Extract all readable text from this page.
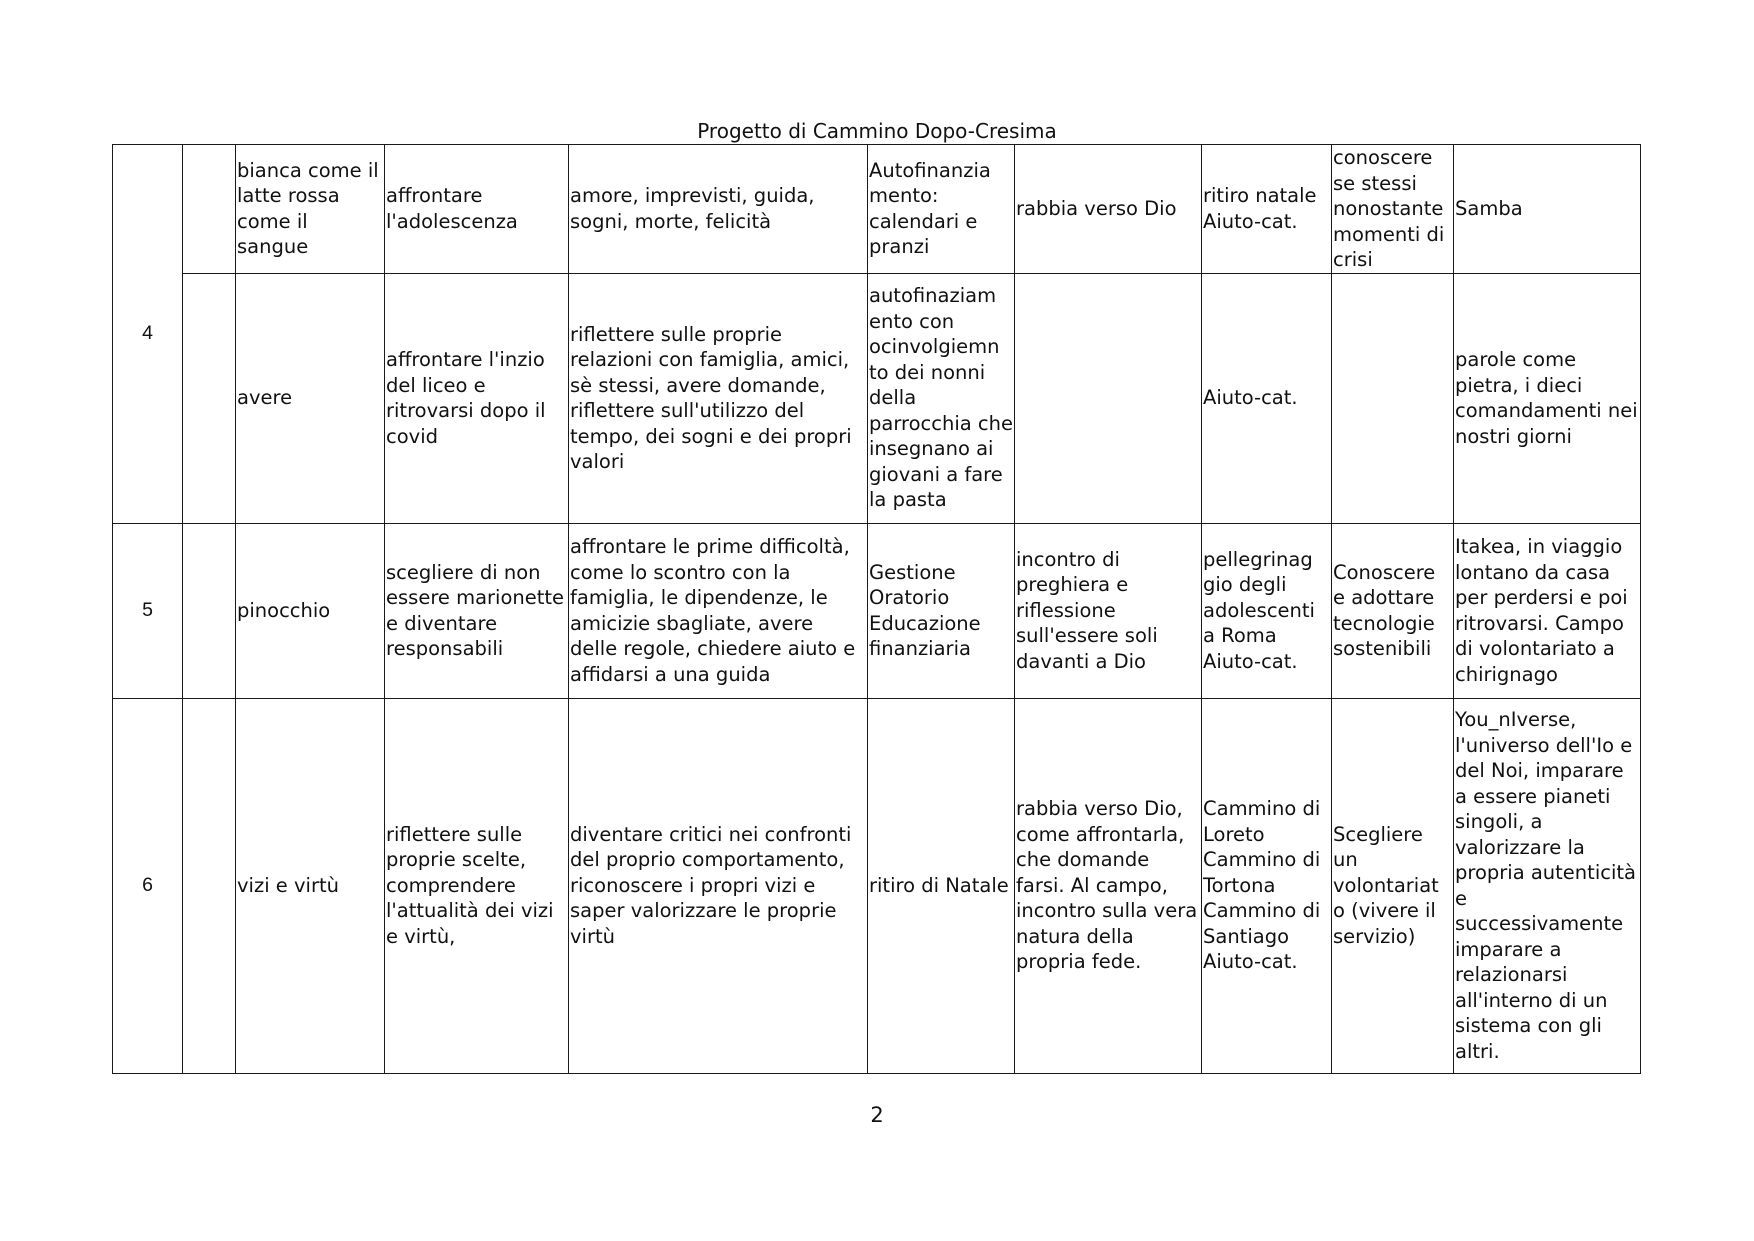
Progetto di Cammino Dopo-Cresima
4		bianca come il latte rossa come il sangue	affrontare l'adolescenza	amore, imprevisti, guida, sogni, morte, felicità	Autofinanzia mento: calendari e pranzi	rabbia verso Dio	ritiro natale Aiuto-cat.	conoscere se stessi nonostante momenti di crisi	Samba
		avere	affrontare l'inzio del liceo e ritrovarsi dopo il covid	riflettere sulle proprie relazioni con famiglia, amici, sè stessi, avere domande, riflettere sull'utilizzo del tempo, dei sogni e dei propri valori	autofinaziam ento con ocinvolgiemn to dei nonni della parrocchia che insegnano ai giovani a fare la pasta		Aiuto-cat.		parole come pietra, i dieci comandamenti nei nostri giorni
5		pinocchio	scegliere di non essere marionette e diventare responsabili	affrontare le prime difficoltà, come lo scontro con la famiglia, le dipendenze, le amicizie sbagliate, avere delle regole, chiedere aiuto e affidarsi a una guida	Gestione Oratorio Educazione finanziaria	incontro di preghiera e riflessione sull'essere soli davanti a Dio	pellegrinag gio degli adolescenti a Roma Aiuto-cat.	Conoscere e adottare tecnologie sostenibili	Itakea, in viaggio lontano da casa per perdersi e poi ritrovarsi. Campo di volontariato a chirignago
6		vizi e virtù	riflettere sulle proprie scelte, comprendere l'attualità dei vizi e virtù,	diventare critici nei confronti del proprio comportamento, riconoscere i propri vizi e saper valorizzare le proprie virtù	ritiro di Natale	rabbia verso Dio, come affrontarla, che domande farsi. Al campo, incontro sulla vera natura della propria fede.	Cammino di Loreto Cammino di Tortona Cammino di Santiago Aiuto-cat.	Scegliere un volontariat o (vivere il servizio)	You_nIverse, l'universo dell'Io e del Noi, imparare a essere pianeti singoli, a valorizzare la propria autenticità e successivamente imparare a relazionarsi all'interno di un sistema con gli altri.
2
